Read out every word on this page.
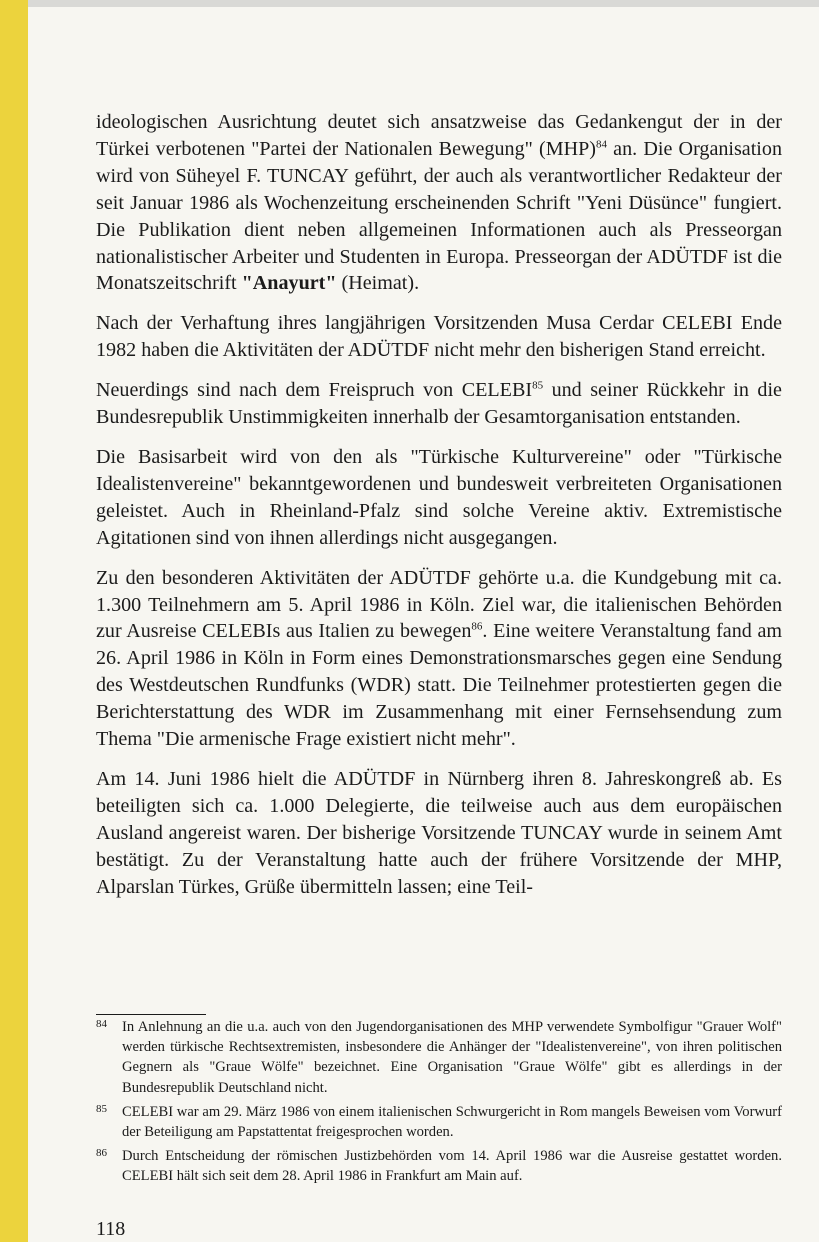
ideologischen Ausrichtung deutet sich ansatzweise das Gedankengut der in der Türkei verbotenen "Partei der Nationalen Bewegung" (MHP)$^{84}$ an. Die Organisation wird von Süheyel F. TUNCAY geführt, der auch als verantwortlicher Redakteur der seit Januar 1986 als Wochenzeitung erscheinenden Schrift "Yeni Düsünce" fungiert. Die Publikation dient neben allgemeinen Informationen auch als Presseorgan nationalistischer Arbeiter und Studenten in Europa. Presseorgan der ADÜTDF ist die Monatszeitschrift "Anayurt" (Heimat).

Nach der Verhaftung ihres langjährigen Vorsitzenden Musa Cerdar CELEBI Ende 1982 haben die Aktivitäten der ADÜTDF nicht mehr den bisherigen Stand erreicht.

Neuerdings sind nach dem Freispruch von CELEBI$^{85}$ und seiner Rückkehr in die Bundesrepublik Unstimmigkeiten innerhalb der Gesamtorganisation entstanden.

Die Basisarbeit wird von den als "Türkische Kulturvereine" oder "Türkische Idealistenvereine" bekanntgewordenen und bundesweit verbreiteten Organisationen geleistet. Auch in Rheinland-Pfalz sind solche Vereine aktiv. Extremistische Agitationen sind von ihnen allerdings nicht ausgegangen.

Zu den besonderen Aktivitäten der ADÜTDF gehörte u.a. die Kundgebung mit ca. 1.300 Teilnehmern am 5. April 1986 in Köln. Ziel war, die italienischen Behörden zur Ausreise CELEBIs aus Italien zu bewegen$^{86}$. Eine weitere Veranstaltung fand am 26. April 1986 in Köln in Form eines Demonstrationsmarsches gegen eine Sendung des Westdeutschen Rundfunks (WDR) statt. Die Teilnehmer protestierten gegen die Berichterstattung des WDR im Zusammenhang mit einer Fernsehsendung zum Thema "Die armenische Frage existiert nicht mehr".

Am 14. Juni 1986 hielt die ADÜTDF in Nürnberg ihren 8. Jahreskongreß ab. Es beteiligten sich ca. 1.000 Delegierte, die teilweise auch aus dem europäischen Ausland angereist waren. Der bisherige Vorsitzende TUNCAY wurde in seinem Amt bestätigt. Zu der Veranstaltung hatte auch der frühere Vorsitzende der MHP, Alparslan Türkes, Grüße übermitteln lassen; eine Teil-

84 In Anlehnung an die u.a. auch von den Jugendorganisationen des MHP verwendete Symbolfigur "Grauer Wolf" werden türkische Rechtsextremisten, insbesondere die Anhänger der "Idealistenvereine", von ihren politischen Gegnern als "Graue Wölfe" bezeichnet. Eine Organisation "Graue Wölfe" gibt es allerdings in der Bundesrepublik Deutschland nicht.

85 CELEBI war am 29. März 1986 von einem italienischen Schwurgericht in Rom mangels Beweisen vom Vorwurf der Beteiligung am Papstattentat freigesprochen worden.

86 Durch Entscheidung der römischen Justizbehörden vom 14. April 1986 war die Ausreise gestattet worden. CELEBI hält sich seit dem 28. April 1986 in Frankfurt am Main auf.

118
